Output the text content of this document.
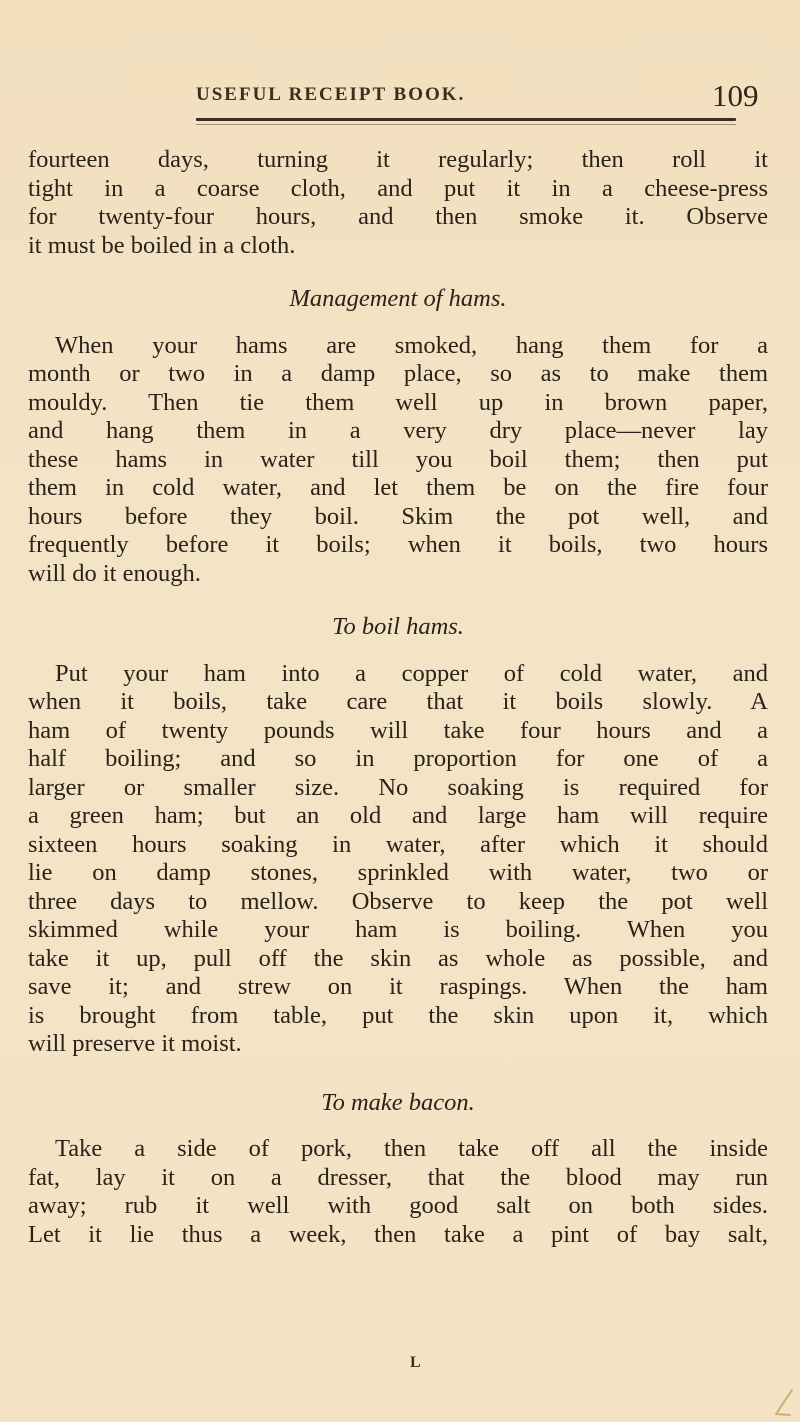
USEFUL RECEIPT BOOK.	109
fourteen days, turning it regularly; then roll it
tight in a coarse cloth, and put it in a cheese-press
for twenty-four hours, and then smoke it. Observe
it must be boiled in a cloth.

Management of hams.

When your hams are smoked, hang them for a
month or two in a damp place, so as to make them
mouldy. Then tie them well up in brown paper,
and hang them in a very dry place—never lay
these hams in water till you boil them; then put
them in cold water, and let them be on the fire four
hours before they boil. Skim the pot well, and
frequently before it boils; when it boils, two hours
will do it enough.

To boil hams.

Put your ham into a copper of cold water, and
when it boils, take care that it boils slowly. A
ham of twenty pounds will take four hours and a
half boiling; and so in proportion for one of a
larger or smaller size. No soaking is required for
a green ham; but an old and large ham will require
sixteen hours soaking in water, after which it should
lie on damp stones, sprinkled with water, two or
three days to mellow. Observe to keep the pot well
skimmed while your ham is boiling. When you
take it up, pull off the skin as whole as possible, and
save it; and strew on it raspings. When the ham
is brought from table, put the skin upon it, which
will preserve it moist.

To make bacon.

Take a side of pork, then take off all the inside
fat, lay it on a dresser, that the blood may run
away; rub it well with good salt on both sides.
Let it lie thus a week, then take a pint of bay salt,
L
